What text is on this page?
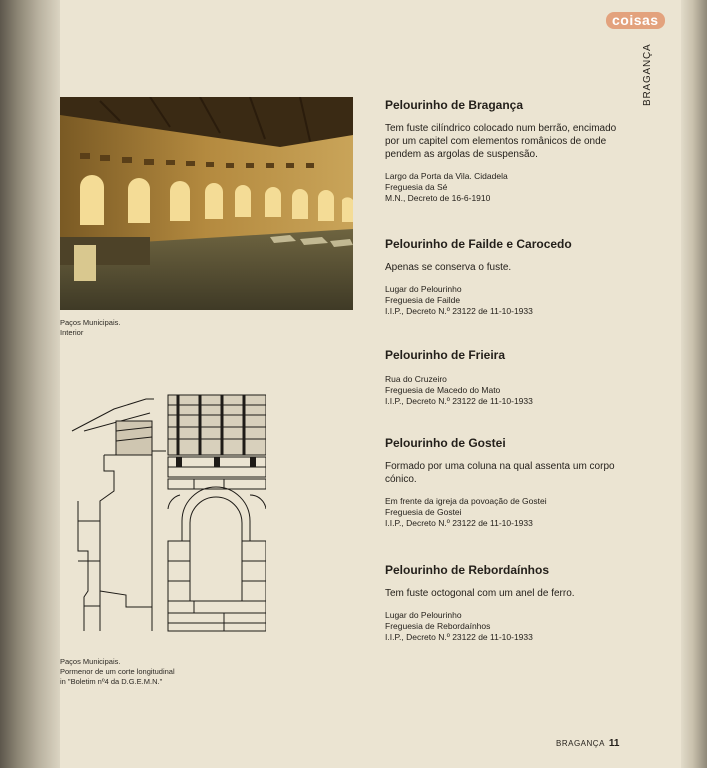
coisas
BRAGANÇA
Paços Municipais.
Interior
Paços Municipais.
Pormenor de um corte longitudinal
in "Boletim nº4 da D.G.E.M.N."
Pelourinho de Bragança
Tem fuste cilíndrico colocado num berrão, encimado
por um capitel com elementos românicos de onde
pendem as argolas de suspensão.
Largo da Porta da Vila. Cidadela
Freguesia da Sé
M.N., Decreto de 16-6-1910
Pelourinho de Failde e Carocedo
Apenas se conserva o fuste.
Lugar do Pelourinho
Freguesia de Failde
I.I.P., Decreto N.º 23122 de 11-10-1933
Pelourinho de Frieira
Rua do Cruzeiro
Freguesia de Macedo do Mato
I.I.P., Decreto N.º 23122 de 11-10-1933
Pelourinho de Gostei
Formado por uma coluna na qual assenta um corpo
cónico.
Em frente da igreja da povoação de Gostei
Freguesia de Gostei
I.I.P., Decreto N.º 23122 de 11-10-1933
Pelourinho de Rebordaínhos
Tem fuste octogonal com um anel de ferro.
Lugar do Pelourinho
Freguesia de Rebordaínhos
I.I.P., Decreto N.º 23122 de 11-10-1933
BRAGANÇA 11
